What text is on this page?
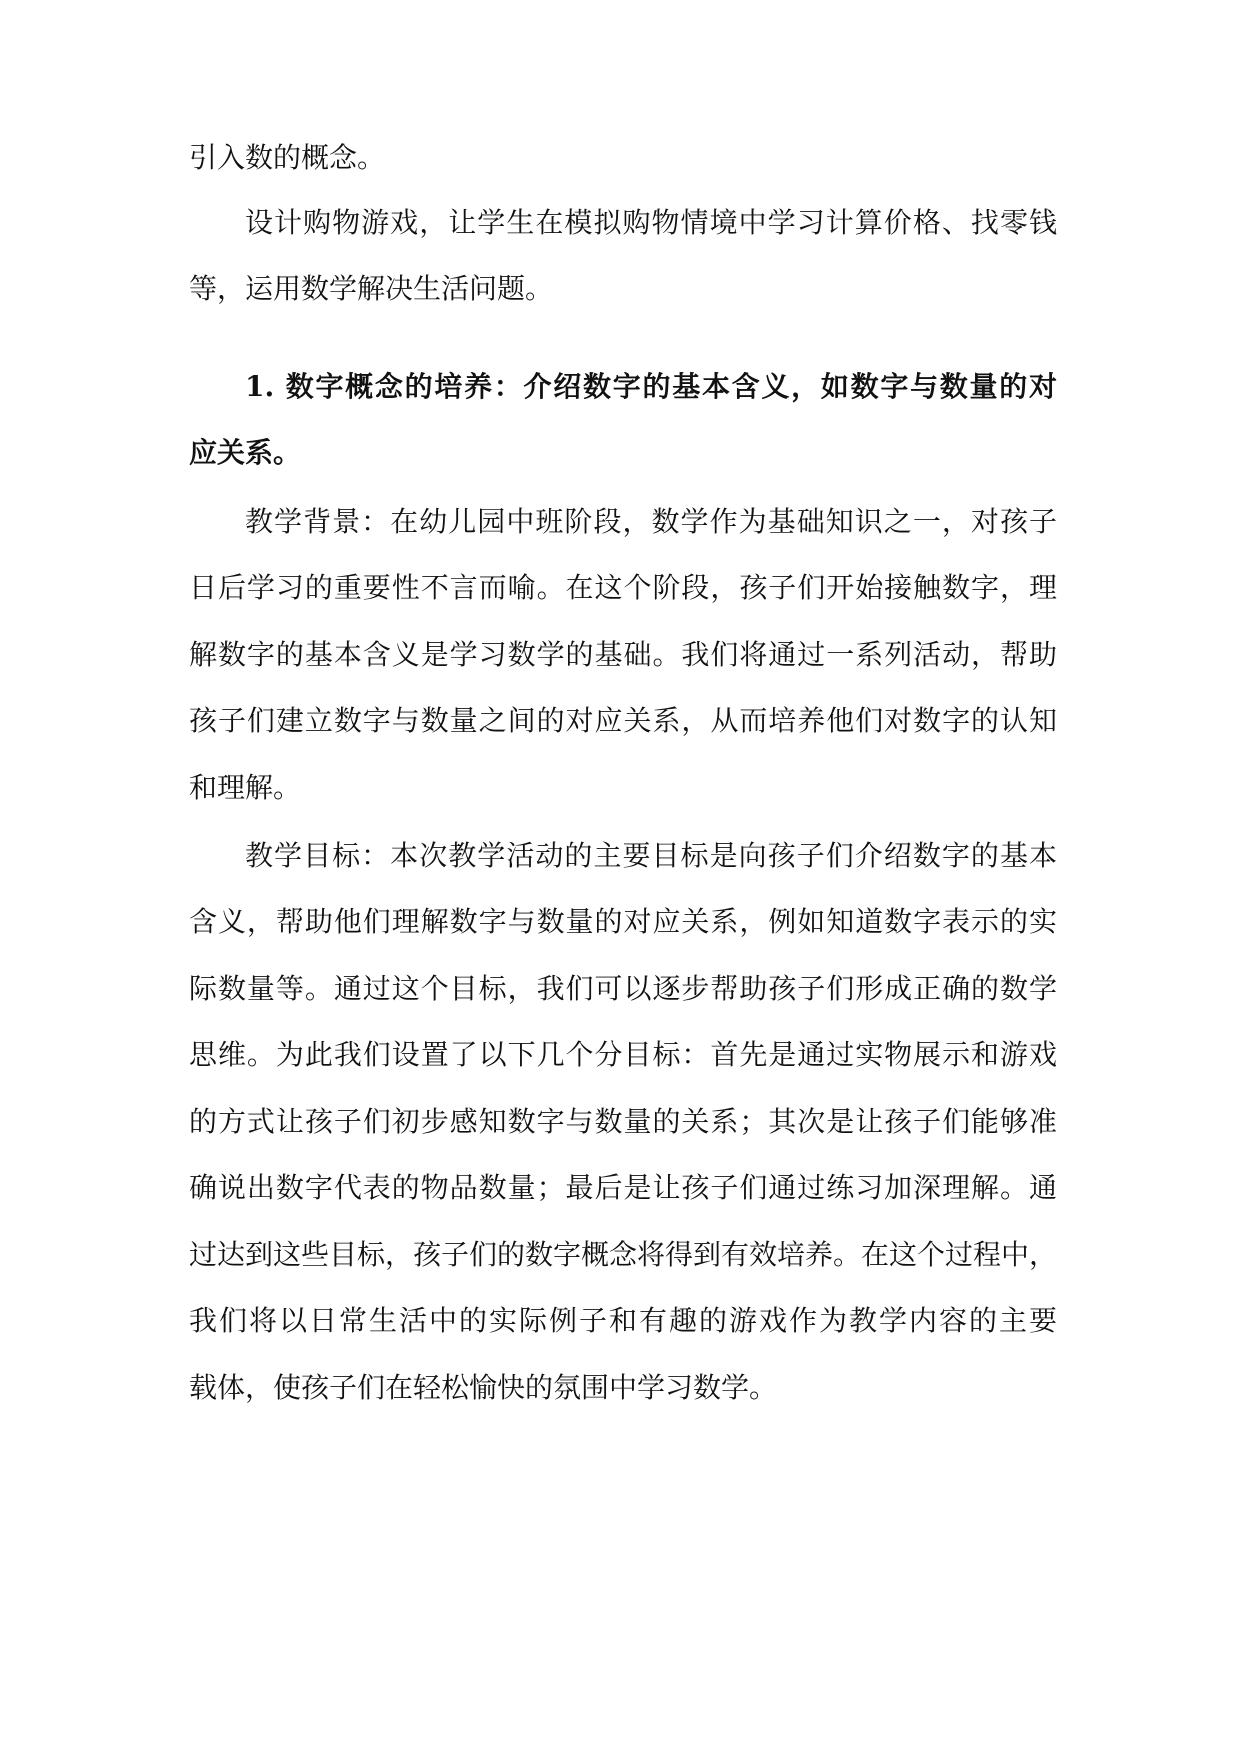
引入数的概念。
设计购物游戏，让学生在模拟购物情境中学习计算价格、找零钱
等，运用数学解决生活问题。
1. 数字概念的培养：介绍数字的基本含义，如数字与数量的对
应关系。
教学背景：在幼儿园中班阶段，数学作为基础知识之一，对孩子
日后学习的重要性不言而喻。在这个阶段，孩子们开始接触数字，理
解数字的基本含义是学习数学的基础。我们将通过一系列活动，帮助
孩子们建立数字与数量之间的对应关系，从而培养他们对数字的认知
和理解。
教学目标：本次教学活动的主要目标是向孩子们介绍数字的基本
含义，帮助他们理解数字与数量的对应关系，例如知道数字表示的实
际数量等。通过这个目标，我们可以逐步帮助孩子们形成正确的数学
思维。为此我们设置了以下几个分目标：首先是通过实物展示和游戏
的方式让孩子们初步感知数字与数量的关系；其次是让孩子们能够准
确说出数字代表的物品数量；最后是让孩子们通过练习加深理解。通
过达到这些目标，孩子们的数字概念将得到有效培养。在这个过程中，
我们将以日常生活中的实际例子和有趣的游戏作为教学内容的主要
载体，使孩子们在轻松愉快的氛围中学习数学。
